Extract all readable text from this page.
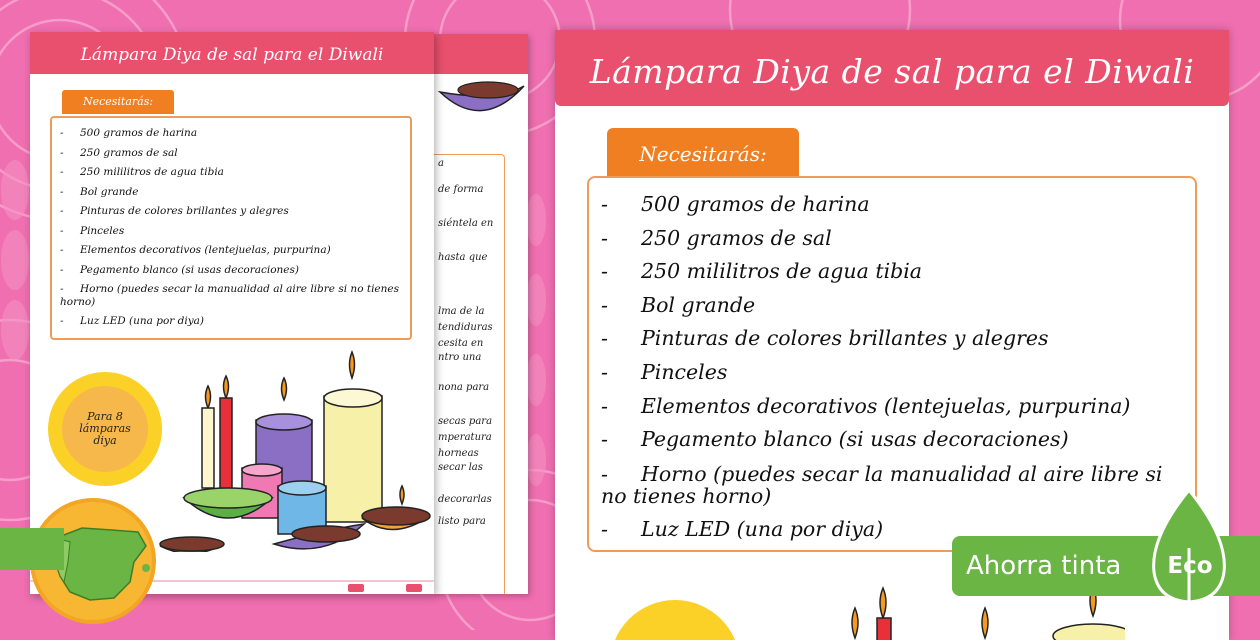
a
de forma
siéntela en
hasta que
lma de la
tendiduras
cesita en
ntro una
nona para
secas para
mperatura
horneas
secar las
decorarlas
listo para
Lámpara Diya de sal para el Diwali
Necesitarás:
- 500 gramos de harina
- 250 gramos de sal
- 250 mililitros de agua tibia
- Bol grande
- Pinturas de colores brillantes y alegres
- Pinceles
- Elementos decorativos (lentejuelas, purpurina)
- Pegamento blanco (si usas decoraciones)
- Horno (puedes secar la manualidad al aire libre si no tienes horno)
- Luz LED (una por diya)
Para 8 lámparas diya
Lámpara Diya de sal para el Diwali
Necesitarás:
- 500 gramos de harina
- 250 gramos de sal
- 250 mililitros de agua tibia
- Bol grande
- Pinturas de colores brillantes y alegres
- Pinceles
- Elementos decorativos (lentejuelas, purpurina)
- Pegamento blanco (si usas decoraciones)
- Horno (puedes secar la manualidad al aire libre si no tienes horno)
- Luz LED (una por diya)
Ahorra tinta	Eco
